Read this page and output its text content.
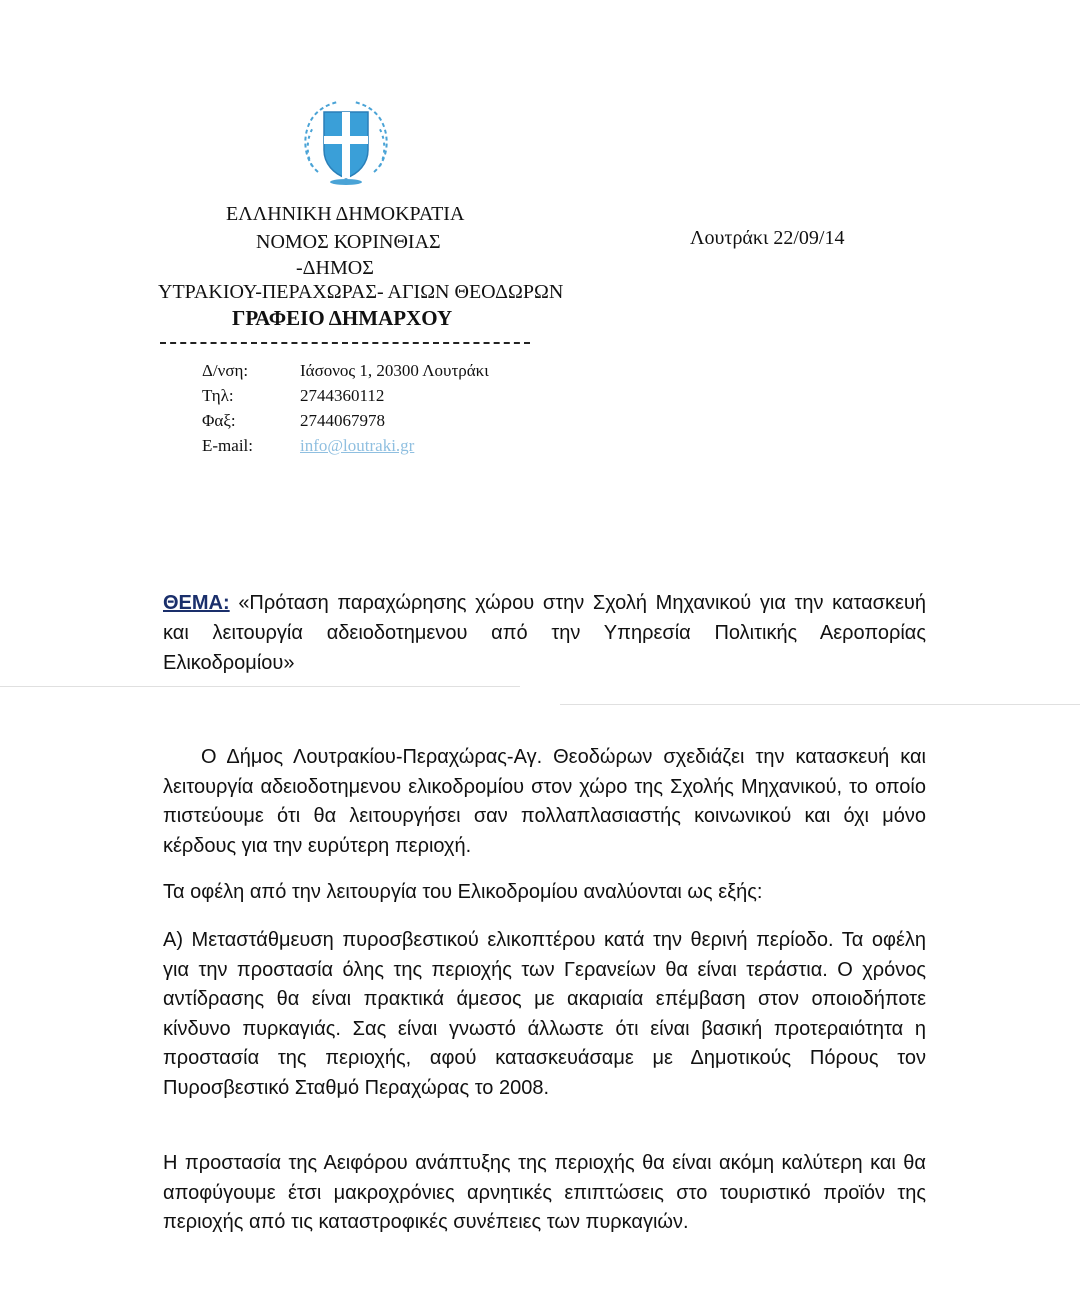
ΕΛΛΗΝΙΚΗ ΔΗΜΟΚΡΑΤΙΑ
ΝΟΜΟΣ ΚΟΡΙΝΘΙΑΣ
-ΔΗΜΟΣ
ΥΤΡΑΚΙΟΥ-ΠΕΡΑΧΩΡΑΣ- ΑΓΙΩΝ ΘΕΟΔΩΡΩΝ
ΓΡΑΦΕΙΟ ΔΗΜΑΡΧΟΥ
Λουτράκι 22/09/14
Δ/νση:	Ιάσονος 1, 20300 Λουτράκι
Τηλ:	2744360112
Φαξ:	2744067978
E-mail:	info@loutraki.gr

ΘΕΜΑ: «Πρόταση παραχώρησης χώρου στην Σχολή Μηχανικού για την κατασκευή και λειτουργία αδειοδοτημενου από την Υπηρεσία Πολιτικής Αεροπορίας Ελικοδρομίου»

Ο Δήμος Λουτρακίου-Περαχώρας-Αγ. Θεοδώρων σχεδιάζει την κατασκευή και λειτουργία αδειοδοτημενου ελικοδρομίου στον χώρο της Σχολής Μηχανικού, το οποίο πιστεύουμε ότι θα λειτουργήσει σαν πολλαπλασιαστής κοινωνικού και όχι μόνο κέρδους για την ευρύτερη περιοχή.

Τα οφέλη από την λειτουργία του Ελικοδρομίου αναλύονται ως εξής:

Α) Μεταστάθμευση πυροσβεστικού ελικοπτέρου κατά την θερινή περίοδο. Τα οφέλη για την προστασία όλης της περιοχής των Γερανείων θα είναι τεράστια. Ο χρόνος αντίδρασης θα είναι πρακτικά άμεσος με ακαριαία επέμβαση στον οποιοδήποτε κίνδυνο πυρκαγιάς. Σας είναι γνωστό άλλωστε ότι είναι βασική προτεραιότητα η προστασία της περιοχής, αφού κατασκευάσαμε με Δημοτικούς Πόρους τον Πυροσβεστικό Σταθμό Περαχώρας το 2008.

Η προστασία της Αειφόρου ανάπτυξης της περιοχής θα είναι ακόμη καλύτερη και θα αποφύγουμε έτσι μακροχρόνιες αρνητικές επιπτώσεις στο τουριστικό προϊόν της περιοχής από τις καταστροφικές συνέπειες των πυρκαγιών.
